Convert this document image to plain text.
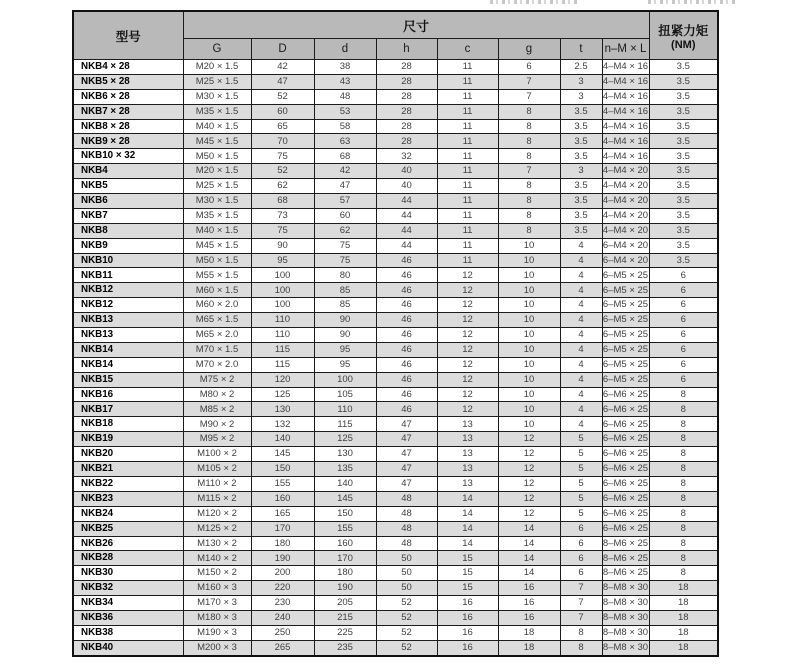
型号	尺寸								扭紧力矩
(NM)

	G	D	d	h	c	g	t	n–M × L	
NKB4 × 28	M20 × 1.5	42	38	28	11	6	2.5	4–M4 × 16	3.5
NKB5 × 28	M25 × 1.5	47	43	28	11	7	3	4–M4 × 16	3.5
NKB6 × 28	M30 × 1.5	52	48	28	11	7	3	4–M4 × 16	3.5
NKB7 × 28	M35 × 1.5	60	53	28	11	8	3.5	4–M4 × 16	3.5
NKB8 × 28	M40 × 1.5	65	58	28	11	8	3.5	4–M4 × 16	3.5
NKB9 × 28	M45 × 1.5	70	63	28	11	8	3.5	4–M4 × 16	3.5
NKB10 × 32	M50 × 1.5	75	68	32	11	8	3.5	4–M4 × 16	3.5
NKB4	M20 × 1.5	52	42	40	11	7	3	4–M4 × 20	3.5
NKB5	M25 × 1.5	62	47	40	11	8	3.5	4–M4 × 20	3.5
NKB6	M30 × 1.5	68	57	44	11	8	3.5	4–M4 × 20	3.5
NKB7	M35 × 1.5	73	60	44	11	8	3.5	4–M4 × 20	3.5
NKB8	M40 × 1.5	75	62	44	11	8	3.5	4–M4 × 20	3.5
NKB9	M45 × 1.5	90	75	44	11	10	4	6–M4 × 20	3.5
NKB10	M50 × 1.5	95	75	46	11	10	4	6–M4 × 20	3.5
NKB11	M55 × 1.5	100	80	46	12	10	4	6–M5 × 25	6
NKB12	M60 × 1.5	100	85	46	12	10	4	6–M5 × 25	6
NKB12	M60 × 2.0	100	85	46	12	10	4	6–M5 × 25	6
NKB13	M65 × 1.5	110	90	46	12	10	4	6–M5 × 25	6
NKB13	M65 × 2.0	110	90	46	12	10	4	6–M5 × 25	6
NKB14	M70 × 1.5	115	95	46	12	10	4	6–M5 × 25	6
NKB14	M70 × 2.0	115	95	46	12	10	4	6–M5 × 25	6
NKB15	M75 × 2	120	100	46	12	10	4	6–M5 × 25	6
NKB16	M80 × 2	125	105	46	12	10	4	6–M6 × 25	8
NKB17	M85 × 2	130	110	46	12	10	4	6–M6 × 25	8
NKB18	M90 × 2	132	115	47	13	10	4	6–M6 × 25	8
NKB19	M95 × 2	140	125	47	13	12	5	6–M6 × 25	8
NKB20	M100 × 2	145	130	47	13	12	5	6–M6 × 25	8
NKB21	M105 × 2	150	135	47	13	12	5	6–M6 × 25	8
NKB22	M110 × 2	155	140	47	13	12	5	6–M6 × 25	8
NKB23	M115 × 2	160	145	48	14	12	5	6–M6 × 25	8
NKB24	M120 × 2	165	150	48	14	12	5	6–M6 × 25	8
NKB25	M125 × 2	170	155	48	14	14	6	6–M6 × 25	8
NKB26	M130 × 2	180	160	48	14	14	6	8–M6 × 25	8
NKB28	M140 × 2	190	170	50	15	14	6	8–M6 × 25	8
NKB30	M150 × 2	200	180	50	15	14	6	8–M6 × 25	8
NKB32	M160 × 3	220	190	50	15	16	7	8–M8 × 30	18
NKB34	M170 × 3	230	205	52	16	16	7	8–M8 × 30	18
NKB36	M180 × 3	240	215	52	16	16	7	8–M8 × 30	18
NKB38	M190 × 3	250	225	52	16	18	8	8–M8 × 30	18
NKB40	M200 × 3	265	235	52	16	18	8	8–M8 × 30	18
